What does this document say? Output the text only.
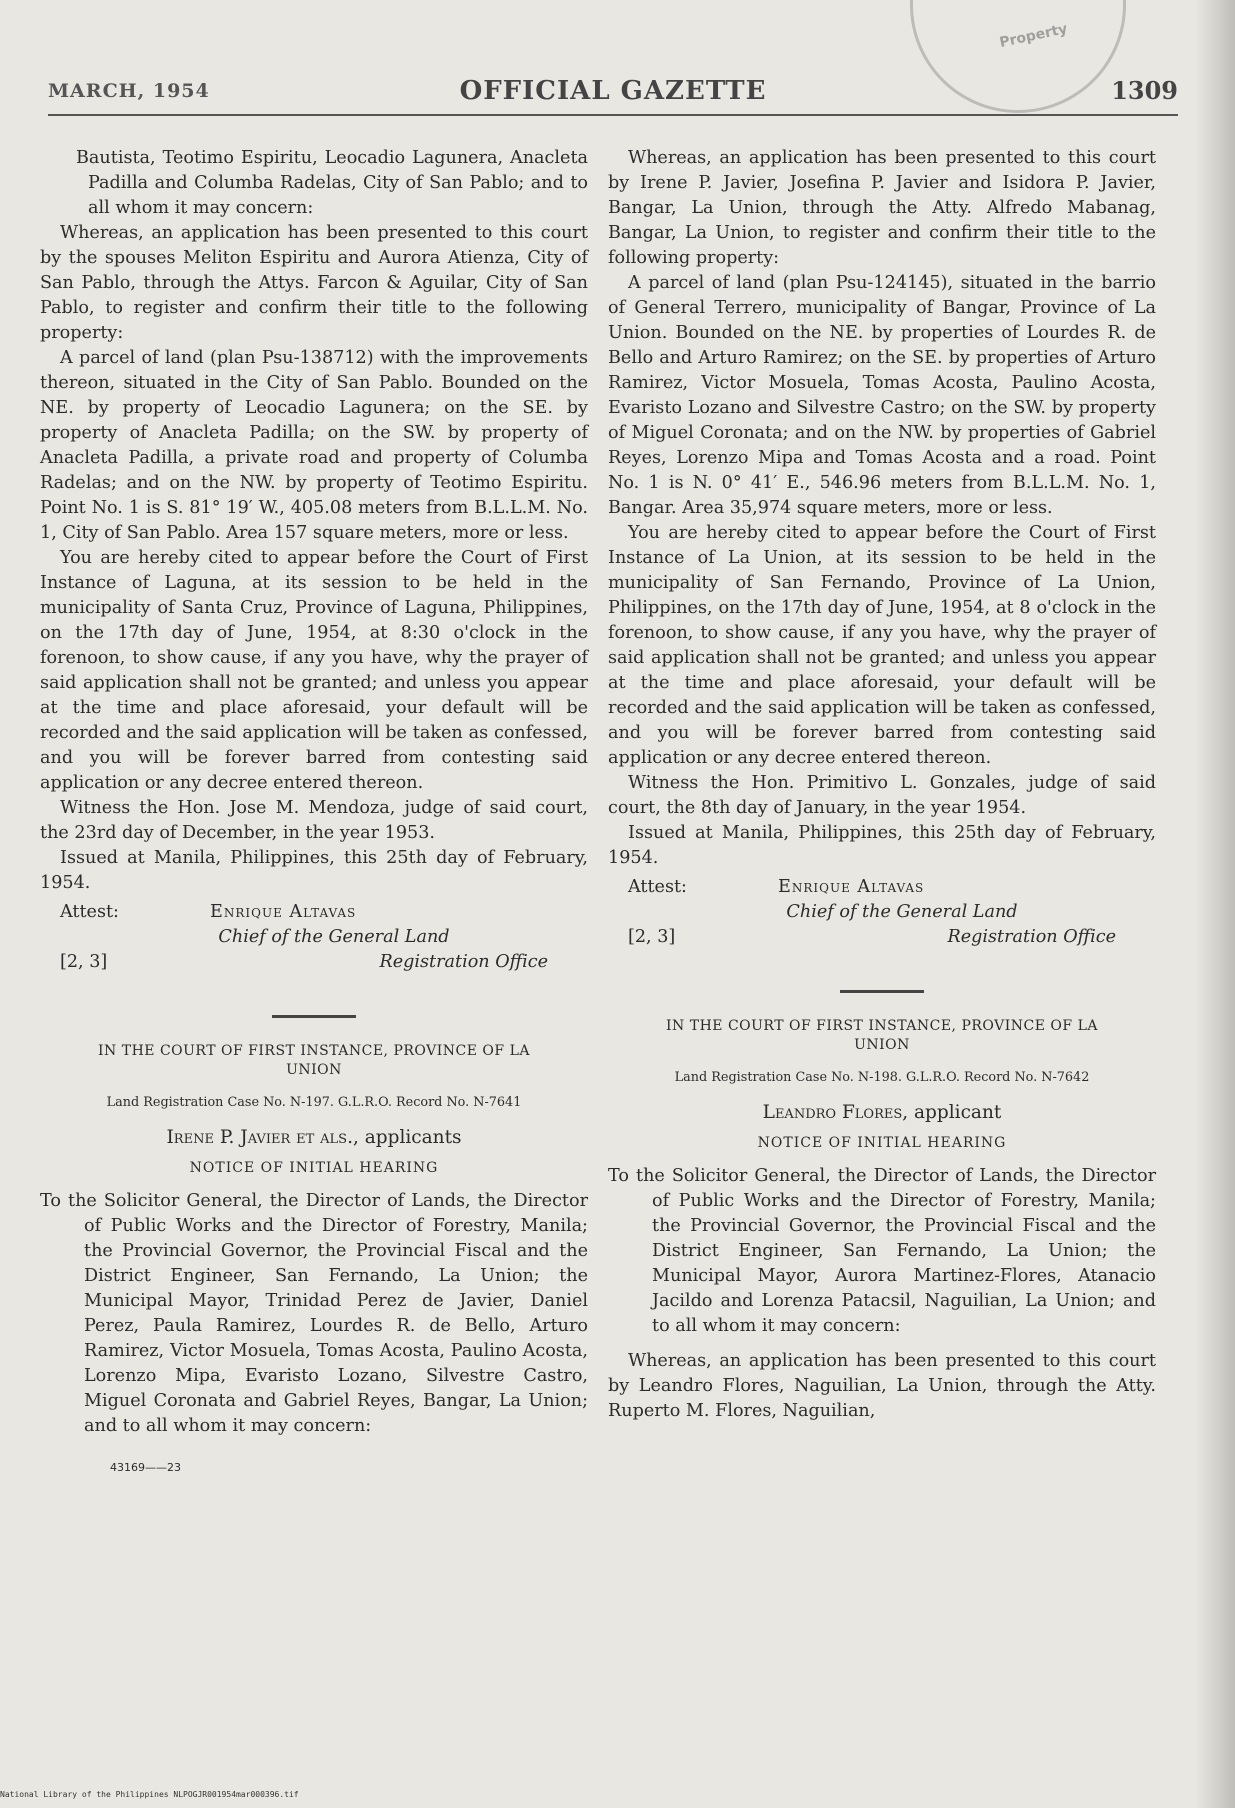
Property
MARCH, 1954	OFFICIAL GAZETTE	1309

Bautista, Teotimo Espiritu, Leocadio Lagunera, Anacleta Padilla and Columba Radelas, City of San Pablo; and to all whom it may concern:

Whereas, an application has been presented to this court by the spouses Meliton Espiritu and Aurora Atienza, City of San Pablo, through the Attys. Farcon & Aguilar, City of San Pablo, to register and confirm their title to the following property:

A parcel of land (plan Psu-138712) with the improvements thereon, situated in the City of San Pablo. Bounded on the NE. by property of Leocadio Lagunera; on the SE. by property of Anacleta Padilla; on the SW. by property of Anacleta Padilla, a private road and property of Columba Radelas; and on the NW. by property of Teotimo Espiritu. Point No. 1 is S. 81° 19′ W., 405.08 meters from B.L.L.M. No. 1, City of San Pablo. Area 157 square meters, more or less.

You are hereby cited to appear before the Court of First Instance of Laguna, at its session to be held in the municipality of Santa Cruz, Province of Laguna, Philippines, on the 17th day of June, 1954, at 8:30 o'clock in the forenoon, to show cause, if any you have, why the prayer of said application shall not be granted; and unless you appear at the time and place aforesaid, your default will be recorded and the said application will be taken as confessed, and you will be forever barred from contesting said application or any decree entered thereon.

Witness the Hon. Jose M. Mendoza, judge of said court, the 23rd day of December, in the year 1953.

Issued at Manila, Philippines, this 25th day of February, 1954.

Attest:	Enrique Altavas
Chief of the General Land
[2, 3]	Registration Office
IN THE COURT OF FIRST INSTANCE, PROVINCE OF LA UNION
Land Registration Case No. N-197. G.L.R.O. Record No. N-7641
Irene P. Javier et als., applicants
NOTICE OF INITIAL HEARING

To the Solicitor General, the Director of Lands, the Director of Public Works and the Director of Forestry, Manila; the Provincial Governor, the Provincial Fiscal and the District Engineer, San Fernando, La Union; the Municipal Mayor, Trinidad Perez de Javier, Daniel Perez, Paula Ramirez, Lourdes R. de Bello, Arturo Ramirez, Victor Mosuela, Tomas Acosta, Paulino Acosta, Lorenzo Mipa, Evaristo Lozano, Silvestre Castro, Miguel Coronata and Gabriel Reyes, Bangar, La Union; and to all whom it may concern:

43169——23

Whereas, an application has been presented to this court by Irene P. Javier, Josefina P. Javier and Isidora P. Javier, Bangar, La Union, through the Atty. Alfredo Mabanag, Bangar, La Union, to register and confirm their title to the following property:

A parcel of land (plan Psu-124145), situated in the barrio of General Terrero, municipality of Bangar, Province of La Union. Bounded on the NE. by properties of Lourdes R. de Bello and Arturo Ramirez; on the SE. by properties of Arturo Ramirez, Victor Mosuela, Tomas Acosta, Paulino Acosta, Evaristo Lozano and Silvestre Castro; on the SW. by property of Miguel Coronata; and on the NW. by properties of Gabriel Reyes, Lorenzo Mipa and Tomas Acosta and a road. Point No. 1 is N. 0° 41′ E., 546.96 meters from B.L.L.M. No. 1, Bangar. Area 35,974 square meters, more or less.

You are hereby cited to appear before the Court of First Instance of La Union, at its session to be held in the municipality of San Fernando, Province of La Union, Philippines, on the 17th day of June, 1954, at 8 o'clock in the forenoon, to show cause, if any you have, why the prayer of said application shall not be granted; and unless you appear at the time and place aforesaid, your default will be recorded and the said application will be taken as confessed, and you will be forever barred from contesting said application or any decree entered thereon.

Witness the Hon. Primitivo L. Gonzales, judge of said court, the 8th day of January, in the year 1954.

Issued at Manila, Philippines, this 25th day of February, 1954.

Attest:	Enrique Altavas
Chief of the General Land
[2, 3]	Registration Office
IN THE COURT OF FIRST INSTANCE, PROVINCE OF LA UNION
Land Registration Case No. N-198. G.L.R.O. Record No. N-7642
Leandro Flores, applicant
NOTICE OF INITIAL HEARING

To the Solicitor General, the Director of Lands, the Director of Public Works and the Director of Forestry, Manila; the Provincial Governor, the Provincial Fiscal and the District Engineer, San Fernando, La Union; the Municipal Mayor, Aurora Martinez-Flores, Atanacio Jacildo and Lorenza Patacsil, Naguilian, La Union; and to all whom it may concern:

Whereas, an application has been presented to this court by Leandro Flores, Naguilian, La Union, through the Atty. Ruperto M. Flores, Naguilian,

National Library of the Philippines NLPOGJR001954mar000396.tif
